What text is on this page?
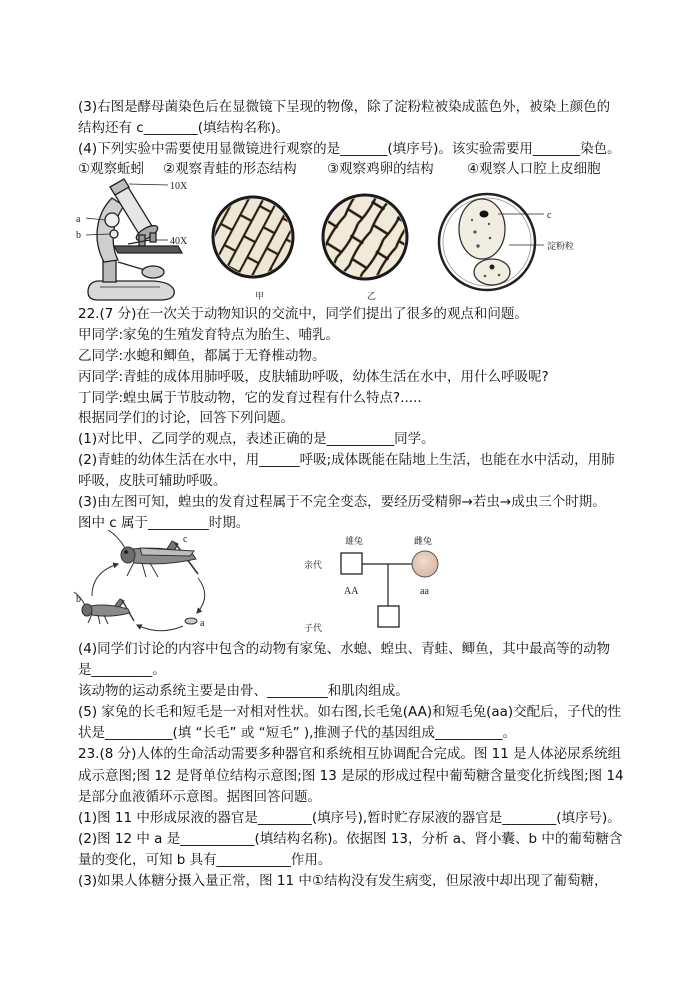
(3)右图是酵母菌染色后在显微镜下呈现的物像，除了淀粉粒被染成蓝色外，被染上颜色的
结构还有 c________(填结构名称)。
(4)下列实验中需要使用显微镜进行观察的是_______(填序号)。该实验需要用_______染色。

①观察蚯蚓

②观察青蛙的形态结构

③观察鸡卵的结构

④观察人口腔上皮细胞

10X
a
b
40X
甲	乙
c
淀粉粒
22.(7 分)在一次关于动物知识的交流中，同学们提出了很多的观点和问题。
甲同学:家兔的生殖发育特点为胎生、哺乳。
乙同学:水螅和鲫鱼，都属于无脊椎动物。
丙同学:青蛙的成体用肺呼吸，皮肤辅助呼吸，幼体生活在水中，用什么呼吸呢?
丁同学:蝗虫属于节肢动物，它的发育过程有什么特点?.....
根据同学们的讨论，回答下列问题。
(1)对比甲、乙同学的观点，表述正确的是__________同学。
(2)青蛙的幼体生活在水中，用______呼吸;成体既能在陆地上生活，也能在水中活动，用肺
呼吸，皮肤可辅助呼吸。
(3)由左图可知，蝗虫的发育过程属于不完全变态，要经历受精卵→若虫→成虫三个时期。
图中 c 属于_________时期。
c
b
a
雄兔	雌兔
亲代
AA	aa
子代
(4)同学们讨论的内容中包含的动物有家兔、水螅、蝗虫、青蛙、鲫鱼，其中最高等的动物
是_________。
该动物的运动系统主要是由骨、_________和肌肉组成。
(5) 家兔的长毛和短毛是一对相对性状。如右图,长毛兔(AA)和短毛兔(aa)交配后，子代的性
状是__________(填 “长毛” 或 “短毛” ),推测子代的基因组成__________。
23.(8 分)人体的生命活动需要多种器官和系统相互协调配合完成。图 11 是人体泌尿系统组
成示意图;图 12 是肾单位结构示意图;图 13 是尿的形成过程中葡萄糖含量变化折线图;图 14
是部分血液循环示意图。据图回答问题。
(1)图 11 中形成尿液的器官是________(填序号),暂时贮存尿液的器官是________(填序号)。
(2)图 12 中 a 是___________(填结构名称)。依据图 13，分析 a、肾小囊、b 中的葡萄糖含
量的变化，可知 b 具有___________作用。
(3)如果人体糖分摄入量正常，图 11 中①结构没有发生病变，但尿液中却出现了葡萄糖，
